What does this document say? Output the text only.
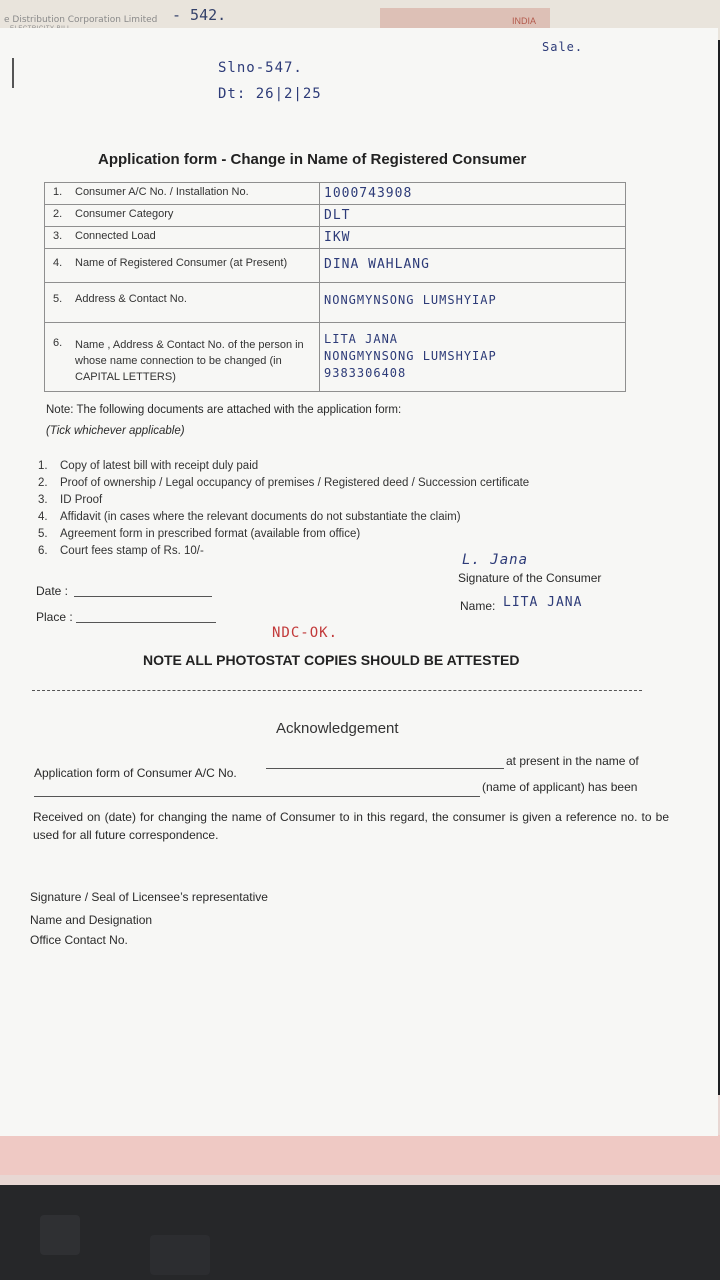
e Distribution Corporation Limited - 542.	INDIA
Sale.
Slno-547.
Dt: 26|2|25
Application form - Change in Name of Registered Consumer
1.	Consumer A/C No. / Installation No.	1000743908
2.	Consumer Category	DLT
3.	Connected Load	IKW
4.	Name of Registered Consumer (at Present)	DINA WAHLANG
5.	Address & Contact No.	NONGMYNSONG LUMSHYIAP
6.	Name , Address & Contact No. of the person in whose name connection to be changed (in CAPITAL LETTERS)	LITA JANA
NONGMYNSONG LUMSHYIAP
9383306408
Note: The following documents are attached with the application form:
(Tick whichever applicable)
1. Copy of latest bill with receipt duly paid
2. Proof of ownership / Legal occupancy of premises / Registered deed / Succession certificate
3. ID Proof
4. Affidavit (in cases where the relevant documents do not substantiate the claim)
5. Agreement form in prescribed format (available from office)
6. Court fees stamp of Rs. 10/-
L. Jana
Signature of the Consumer
Name: LITA JANA
Date :
Place :
NDC-OK.
NOTE ALL PHOTOSTAT COPIES SHOULD BE ATTESTED
Acknowledgement
Application form of Consumer A/C No.
at present in the name of
(name of applicant) has been
Received on (date) for changing the name of Consumer to in this regard, the consumer is given a reference no. to be used for all future correspondence.
Signature / Seal of Licensee’s representative
Name and Designation
Office Contact No.
